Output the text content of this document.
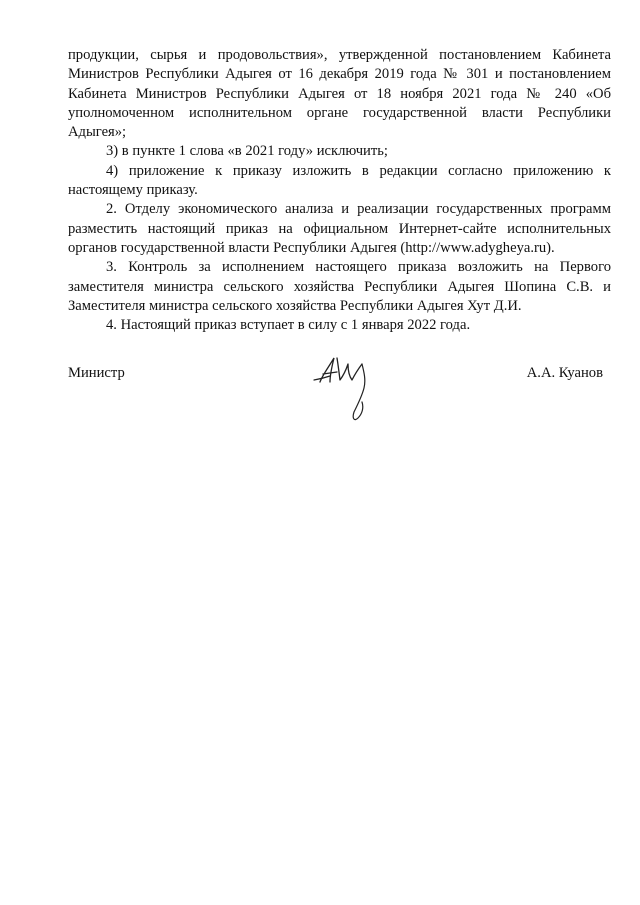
продукции, сырья и продовольствия», утвержденной постановлением Кабинета Министров Республики Адыгея от 16 декабря 2019 года № 301 и постановлением Кабинета Министров Республики Адыгея от 18 ноября 2021 года № 240 «Об уполномоченном исполнительном органе государственной власти Республики Адыгея»;

3) в пункте 1 слова «в 2021 году» исключить;

4) приложение к приказу изложить в редакции согласно приложению к настоящему приказу.

2. Отделу экономического анализа и реализации государственных программ разместить настоящий приказ на официальном Интернет-сайте исполнительных органов государственной власти Республики Адыгея (http://www.adygheya.ru).

3. Контроль за исполнением настоящего приказа возложить на Первого заместителя министра сельского хозяйства Республики Адыгея Шопина С.В. и Заместителя министра сельского хозяйства Республики Адыгея Хут Д.И.

4. Настоящий приказ вступает в силу с 1 января 2022 года.

Министр	А.А. Куанов
